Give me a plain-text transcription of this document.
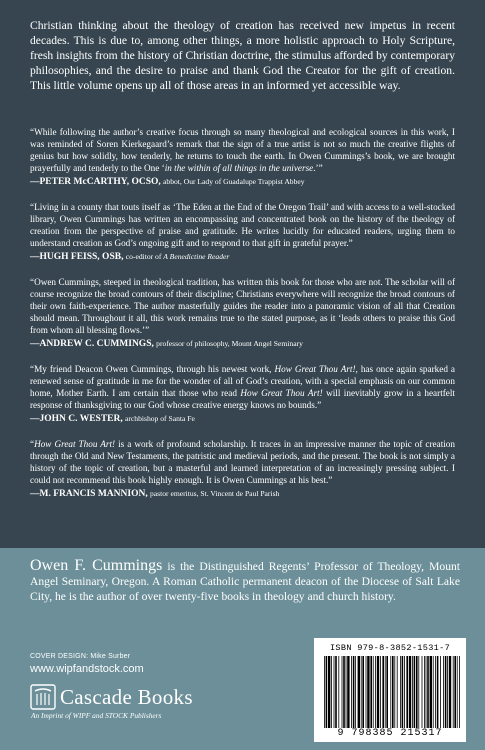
Christian thinking about the theology of creation has received new impetus in recent decades. This is due to, among other things, a more holistic approach to Holy Scripture, fresh insights from the history of Christian doctrine, the stimulus afforded by contemporary philosophies, and the desire to praise and thank God the Creator for the gift of creation. This little volume opens up all of those areas in an informed yet accessible way.

“While following the author’s creative focus through so many theological and ecological sources in this work, I was reminded of Soren Kierkegaard’s remark that the sign of a true artist is not so much the creative flights of genius but how solidly, how tenderly, he returns to touch the earth. In Owen Cummings’s book, we are brought prayerfully and tenderly to the One ‘in the within of all things in the universe.’”

—PETER McCARTHY, OCSO, abbot, Our Lady of Guadalupe Trappist Abbey

“Living in a county that touts itself as ‘The Eden at the End of the Oregon Trail’ and with access to a well-stocked library, Owen Cummings has written an encompassing and concentrated book on the history of the theology of creation from the perspective of praise and gratitude. He writes lucidly for educated readers, urging them to understand creation as God’s ongoing gift and to respond to that gift in grateful prayer.”

—HUGH FEISS, OSB, co-editor of A Benedictine Reader

“Owen Cummings, steeped in theological tradition, has written this book for those who are not. The scholar will of course recognize the broad contours of their discipline; Christians everywhere will recognize the broad contours of their own faith-experience. The author masterfully guides the reader into a panoramic vision of all that Creation should mean. Throughout it all, this work remains true to the stated purpose, as it ‘leads others to praise this God from whom all blessing flows.’”

—ANDREW C. CUMMINGS, professor of philosophy, Mount Angel Seminary

“My friend Deacon Owen Cummings, through his newest work, How Great Thou Art!, has once again sparked a renewed sense of gratitude in me for the wonder of all of God’s creation, with a special emphasis on our common home, Mother Earth. I am certain that those who read How Great Thou Art! will inevitably grow in a heartfelt response of thanksgiving to our God whose creative energy knows no bounds.”

—JOHN C. WESTER, archbishop of Santa Fe

“How Great Thou Art! is a work of profound scholarship. It traces in an impressive manner the topic of creation through the Old and New Testaments, the patristic and medieval periods, and the present. The book is not simply a history of the topic of creation, but a masterful and learned interpretation of an increasingly pressing subject. I could not recommend this book highly enough. It is Owen Cummings at his best.”

—M. FRANCIS MANNION, pastor emeritus, St. Vincent de Paul Parish

Owen F. Cummings is the Distinguished Regents’ Professor of Theology, Mount Angel Seminary, Oregon. A Roman Catholic permanent deacon of the Diocese of Salt Lake City, he is the author of over twenty-five books in theology and church history.

COVER DESIGN: Mike Surber
www.wipfandstock.com
Cascade Books
An Imprint of WIPF and STOCK Publishers
ISBN 979-8-3852-1531-7
9 798385 215317
